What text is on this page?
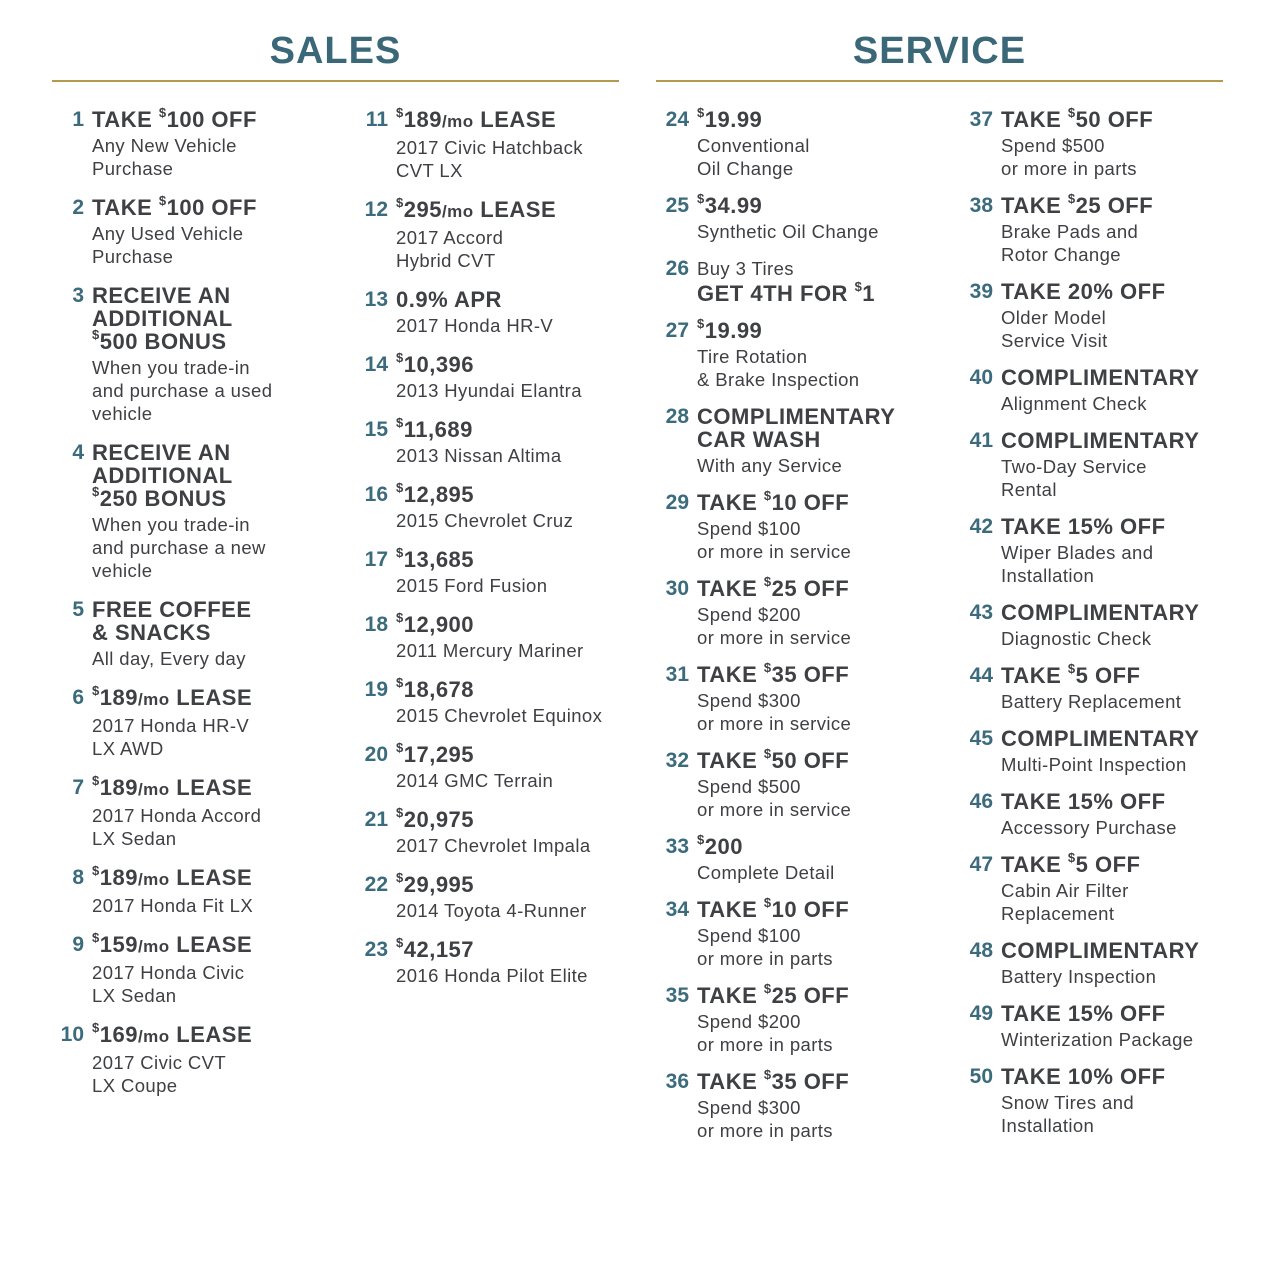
SALES	SERVICE
1 TAKE $100 OFF
Any New Vehicle
Purchase
2 TAKE $100 OFF
Any Used Vehicle
Purchase
3 RECEIVE AN
ADDITIONAL
$500 BONUS
When you trade-in
and purchase a used
vehicle
4 RECEIVE AN
ADDITIONAL
$250 BONUS
When you trade-in
and purchase a new
vehicle
5 FREE COFFEE
& SNACKS
All day, Every day
6 $189/mo LEASE
2017 Honda HR-V
LX AWD
7 $189/mo LEASE
2017 Honda Accord
LX Sedan
8 $189/mo LEASE
2017 Honda Fit LX
9 $159/mo LEASE
2017 Honda Civic
LX Sedan
10 $169/mo LEASE
2017 Civic CVT
LX Coupe
11 $189/mo LEASE
2017 Civic Hatchback
CVT LX
12 $295/mo LEASE
2017 Accord
Hybrid CVT
13 0.9% APR
2017 Honda HR-V
14 $10,396
2013 Hyundai Elantra
15 $11,689
2013 Nissan Altima
16 $12,895
2015 Chevrolet Cruz
17 $13,685
2015 Ford Fusion
18 $12,900
2011 Mercury Mariner
19 $18,678
2015 Chevrolet Equinox
20 $17,295
2014 GMC Terrain
21 $20,975
2017 Chevrolet Impala
22 $29,995
2014 Toyota 4-Runner
23 $42,157
2016 Honda Pilot Elite
24 $19.99
Conventional
Oil Change
25 $34.99
Synthetic Oil Change
26 Buy 3 Tires
GET 4TH FOR $1
27 $19.99
Tire Rotation
& Brake Inspection
28 COMPLIMENTARY
CAR WASH
With any Service
29 TAKE $10 OFF
Spend $100
or more in service
30 TAKE $25 OFF
Spend $200
or more in service
31 TAKE $35 OFF
Spend $300
or more in service
32 TAKE $50 OFF
Spend $500
or more in service
33 $200
Complete Detail
34 TAKE $10 OFF
Spend $100
or more in parts
35 TAKE $25 OFF
Spend $200
or more in parts
36 TAKE $35 OFF
Spend $300
or more in parts
37 TAKE $50 OFF
Spend $500
or more in parts
38 TAKE $25 OFF
Brake Pads and
Rotor Change
39 TAKE 20% OFF
Older Model
Service Visit
40 COMPLIMENTARY
Alignment Check
41 COMPLIMENTARY
Two-Day Service
Rental
42 TAKE 15% OFF
Wiper Blades and
Installation
43 COMPLIMENTARY
Diagnostic Check
44 TAKE $5 OFF
Battery Replacement
45 COMPLIMENTARY
Multi-Point Inspection
46 TAKE 15% OFF
Accessory Purchase
47 TAKE $5 OFF
Cabin Air Filter
Replacement
48 COMPLIMENTARY
Battery Inspection
49 TAKE 15% OFF
Winterization Package
50 TAKE 10% OFF
Snow Tires and
Installation
